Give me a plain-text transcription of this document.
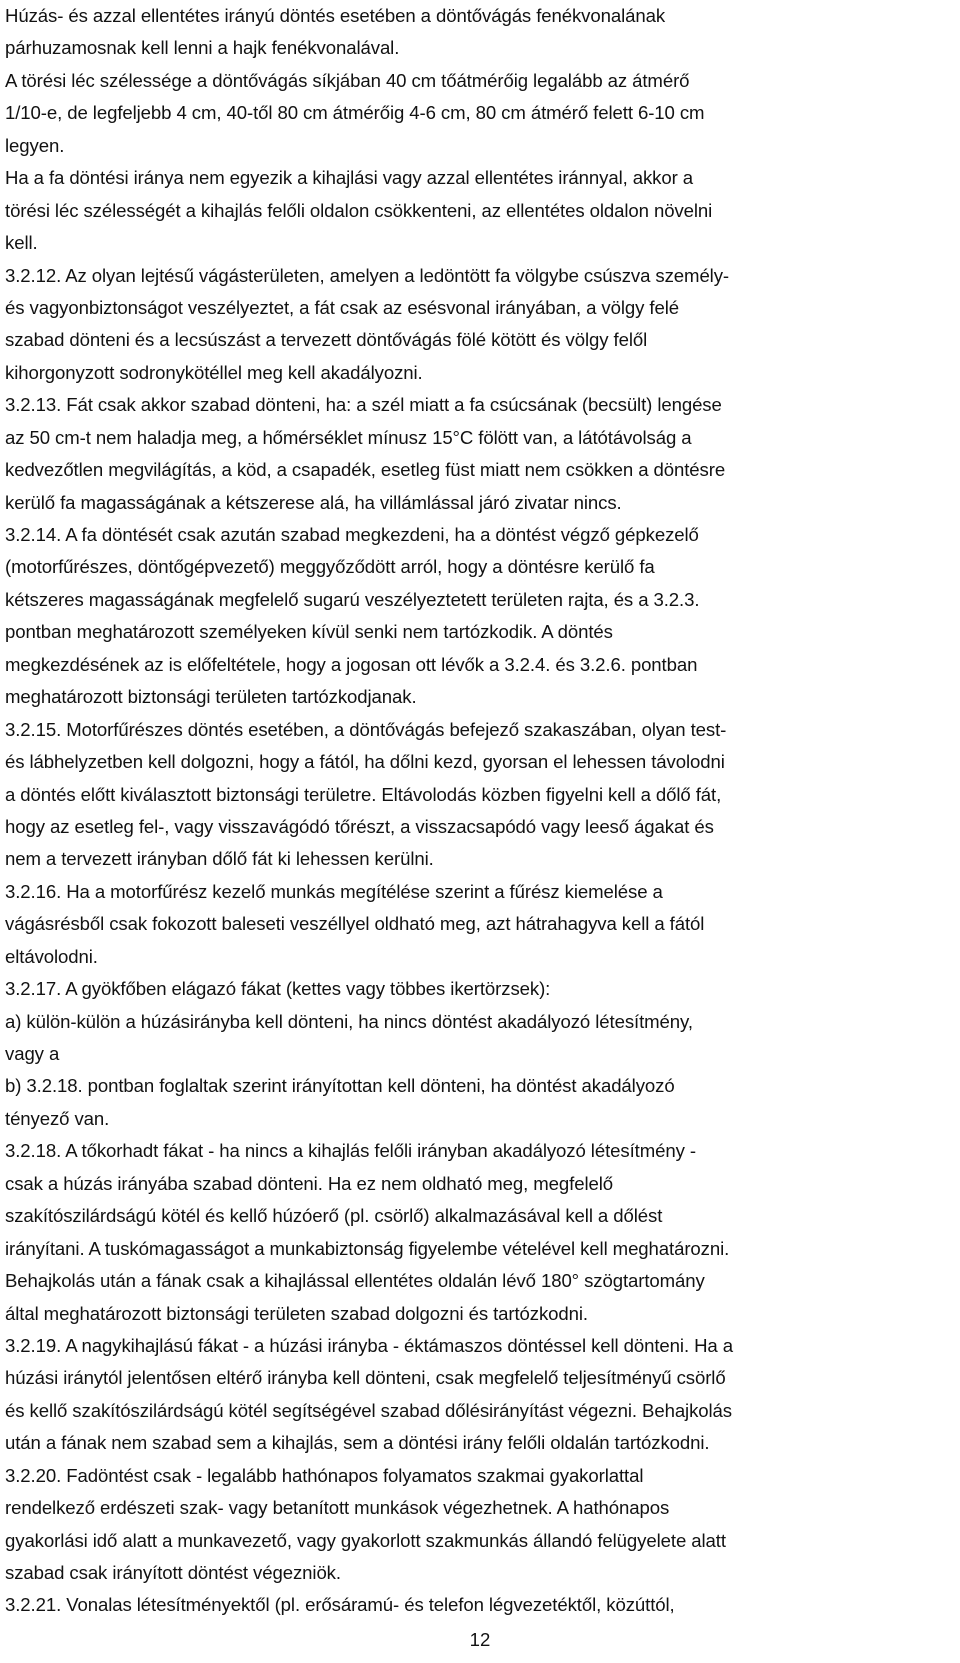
Húzás- és azzal ellentétes irányú döntés esetében a döntővágás fenékvonalának
párhuzamosnak kell lenni a hajk fenékvonalával.
A törési léc szélessége a döntővágás síkjában 40 cm tőátmérőig legalább az átmérő
1/10-e, de legfeljebb 4 cm, 40-től 80 cm átmérőig 4-6 cm, 80 cm átmérő felett 6-10 cm
legyen.
Ha a fa döntési iránya nem egyezik a kihajlási vagy azzal ellentétes iránnyal, akkor a
törési léc szélességét a kihajlás felőli oldalon csökkenteni, az ellentétes oldalon növelni
kell.
3.2.12. Az olyan lejtésű vágásterületen, amelyen a ledöntött fa völgybe csúszva személy-
és vagyonbiztonságot veszélyeztet, a fát csak az esésvonal irányában, a völgy felé
szabad dönteni és a lecsúszást a tervezett döntővágás fölé kötött és völgy felől
kihorgonyzott sodronykötéllel meg kell akadályozni.
3.2.13. Fát csak akkor szabad dönteni, ha: a szél miatt a fa csúcsának (becsült) lengése
az 50 cm-t nem haladja meg, a hőmérséklet mínusz 15°C fölött van, a látótávolság a
kedvezőtlen megvilágítás, a köd, a csapadék, esetleg füst miatt nem csökken a döntésre
kerülő fa magasságának a kétszerese alá, ha villámlással járó zivatar nincs.
3.2.14. A fa döntését csak azután szabad megkezdeni, ha a döntést végző gépkezelő
(motorfűrészes, döntőgépvezető) meggyőződött arról, hogy a döntésre kerülő fa
kétszeres magasságának megfelelő sugarú veszélyeztetett területen rajta, és a 3.2.3.
pontban meghatározott személyeken kívül senki nem tartózkodik. A döntés
megkezdésének az is előfeltétele, hogy a jogosan ott lévők a 3.2.4. és 3.2.6. pontban
meghatározott biztonsági területen tartózkodjanak.
3.2.15. Motorfűrészes döntés esetében, a döntővágás befejező szakaszában, olyan test-
és lábhelyzetben kell dolgozni, hogy a fától, ha dőlni kezd, gyorsan el lehessen távolodni
a döntés előtt kiválasztott biztonsági területre. Eltávolodás közben figyelni kell a dőlő fát,
hogy az esetleg fel-, vagy visszavágódó tőrészt, a visszacsapódó vagy leeső ágakat és
nem a tervezett irányban dőlő fát ki lehessen kerülni.
3.2.16. Ha a motorfűrész kezelő munkás megítélése szerint a fűrész kiemelése a
vágásrésből csak fokozott baleseti veszéllyel oldható meg, azt hátrahagyva kell a fától
eltávolodni.
3.2.17. A gyökfőben elágazó fákat (kettes vagy többes ikertörzsek):
a) külön-külön a húzásirányba kell dönteni, ha nincs döntést akadályozó létesítmény,
vagy a
b) 3.2.18. pontban foglaltak szerint irányítottan kell dönteni, ha döntést akadályozó
tényező van.
3.2.18. A tőkorhadt fákat - ha nincs a kihajlás felőli irányban akadályozó létesítmény -
csak a húzás irányába szabad dönteni. Ha ez nem oldható meg, megfelelő
szakítószilárdságú kötél és kellő húzóerő (pl. csörlő) alkalmazásával kell a dőlést
irányítani. A tuskómagasságot a munkabiztonság figyelembe vételével kell meghatározni.
Behajkolás után a fának csak a kihajlással ellentétes oldalán lévő 180° szögtartomány
által meghatározott biztonsági területen szabad dolgozni és tartózkodni.
3.2.19. A nagykihajlású fákat - a húzási irányba - éktámaszos döntéssel kell dönteni. Ha a
húzási iránytól jelentősen eltérő irányba kell dönteni, csak megfelelő teljesítményű csörlő
és kellő szakítószilárdságú kötél segítségével szabad dőlésirányítást végezni. Behajkolás
után a fának nem szabad sem a kihajlás, sem a döntési irány felőli oldalán tartózkodni.
3.2.20. Fadöntést csak - legalább hathónapos folyamatos szakmai gyakorlattal
rendelkező erdészeti szak- vagy betanított munkások végezhetnek. A hathónapos
gyakorlási idő alatt a munkavezető, vagy gyakorlott szakmunkás állandó felügyelete alatt
szabad csak irányított döntést végezniök.
3.2.21. Vonalas létesítményektől (pl. erősáramú- és telefon légvezetéktől, közúttól,
12
